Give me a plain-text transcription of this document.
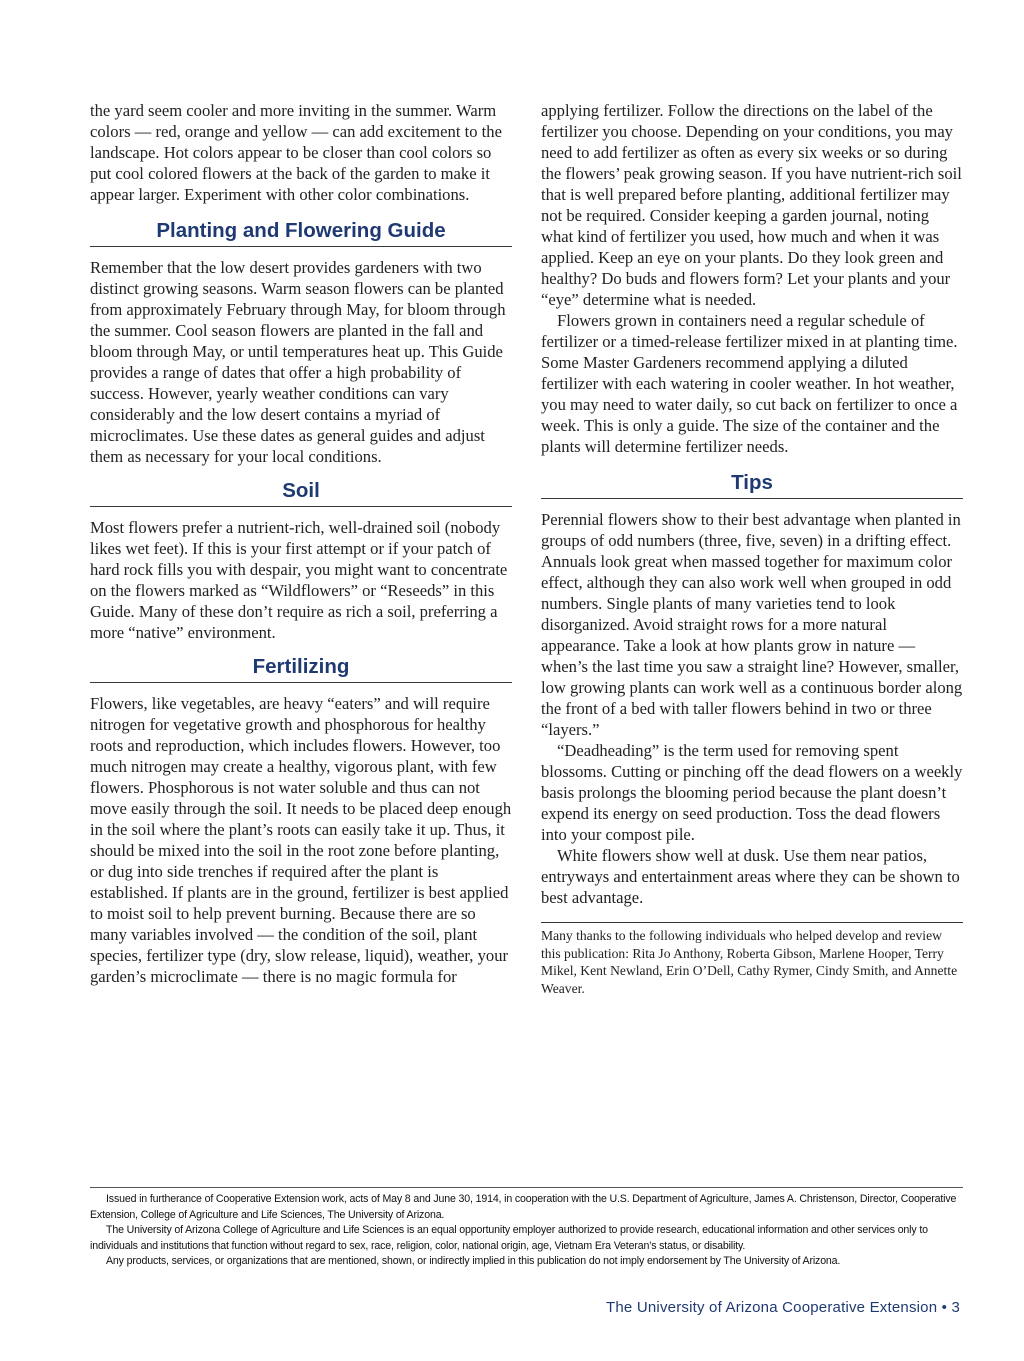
the yard seem cooler and more inviting in the summer. Warm colors — red, orange and yellow — can add excitement to the landscape. Hot colors appear to be closer than cool colors so put cool colored flowers at the back of the garden to make it appear larger. Experiment with other color combinations.

Planting and Flowering Guide

Remember that the low desert provides gardeners with two distinct growing seasons. Warm season flowers can be planted from approximately February through May, for bloom through the summer. Cool season flowers are planted in the fall and bloom through May, or until temperatures heat up. This Guide provides a range of dates that offer a high probability of success. However, yearly weather conditions can vary considerably and the low desert contains a myriad of microclimates. Use these dates as general guides and adjust them as necessary for your local conditions.

Soil

Most flowers prefer a nutrient-rich, well-drained soil (nobody likes wet feet). If this is your first attempt or if your patch of hard rock fills you with despair, you might want to concentrate on the flowers marked as “Wildflowers” or “Reseeds” in this Guide. Many of these don’t require as rich a soil, preferring a more “native” environment.

Fertilizing

Flowers, like vegetables, are heavy “eaters” and will require nitrogen for vegetative growth and phosphorous for healthy roots and reproduction, which includes flowers. However, too much nitrogen may create a healthy, vigorous plant, with few flowers. Phosphorous is not water soluble and thus can not move easily through the soil. It needs to be placed deep enough in the soil where the plant’s roots can easily take it up. Thus, it should be mixed into the soil in the root zone before planting, or dug into side trenches if required after the plant is established. If plants are in the ground, fertilizer is best applied to moist soil to help prevent burning. Because there are so many variables involved — the condition of the soil, plant species, fertilizer type (dry, slow release, liquid), weather, your garden’s microclimate — there is no magic formula for

applying fertilizer. Follow the directions on the label of the fertilizer you choose. Depending on your conditions, you may need to add fertilizer as often as every six weeks or so during the flowers’ peak growing season. If you have nutrient-rich soil that is well prepared before planting, additional fertilizer may not be required. Consider keeping a garden journal, noting what kind of fertilizer you used, how much and when it was applied. Keep an eye on your plants. Do they look green and healthy? Do buds and flowers form? Let your plants and your “eye” determine what is needed.

Flowers grown in containers need a regular schedule of fertilizer or a timed-release fertilizer mixed in at planting time. Some Master Gardeners recommend applying a diluted fertilizer with each watering in cooler weather. In hot weather, you may need to water daily, so cut back on fertilizer to once a week. This is only a guide. The size of the container and the plants will determine fertilizer needs.

Tips

Perennial flowers show to their best advantage when planted in groups of odd numbers (three, five, seven) in a drifting effect. Annuals look great when massed together for maximum color effect, although they can also work well when grouped in odd numbers. Single plants of many varieties tend to look disorganized. Avoid straight rows for a more natural appearance. Take a look at how plants grow in nature — when’s the last time you saw a straight line? However, smaller, low growing plants can work well as a continuous border along the front of a bed with taller flowers behind in two or three “layers.”

“Deadheading” is the term used for removing spent blossoms. Cutting or pinching off the dead flowers on a weekly basis prolongs the blooming period because the plant doesn’t expend its energy on seed production. Toss the dead flowers into your compost pile.

White flowers show well at dusk. Use them near patios, entryways and entertainment areas where they can be shown to best advantage.

Many thanks to the following individuals who helped develop and review this publication: Rita Jo Anthony, Roberta Gibson, Marlene Hooper, Terry Mikel, Kent Newland, Erin O’Dell, Cathy Rymer, Cindy Smith, and Annette Weaver.

Issued in furtherance of Cooperative Extension work, acts of May 8 and June 30, 1914, in cooperation with the U.S. Department of Agriculture, James A. Christenson, Director, Cooperative Extension, College of Agriculture and Life Sciences, The University of Arizona.

The University of Arizona College of Agriculture and Life Sciences is an equal opportunity employer authorized to provide research, educational information and other services only to individuals and institutions that function without regard to sex, race, religion, color, national origin, age, Vietnam Era Veteran’s status, or disability.

Any products, services, or organizations that are mentioned, shown, or indirectly implied in this publication do not imply endorsement by The University of Arizona.

The University of Arizona Cooperative Extension • 3
